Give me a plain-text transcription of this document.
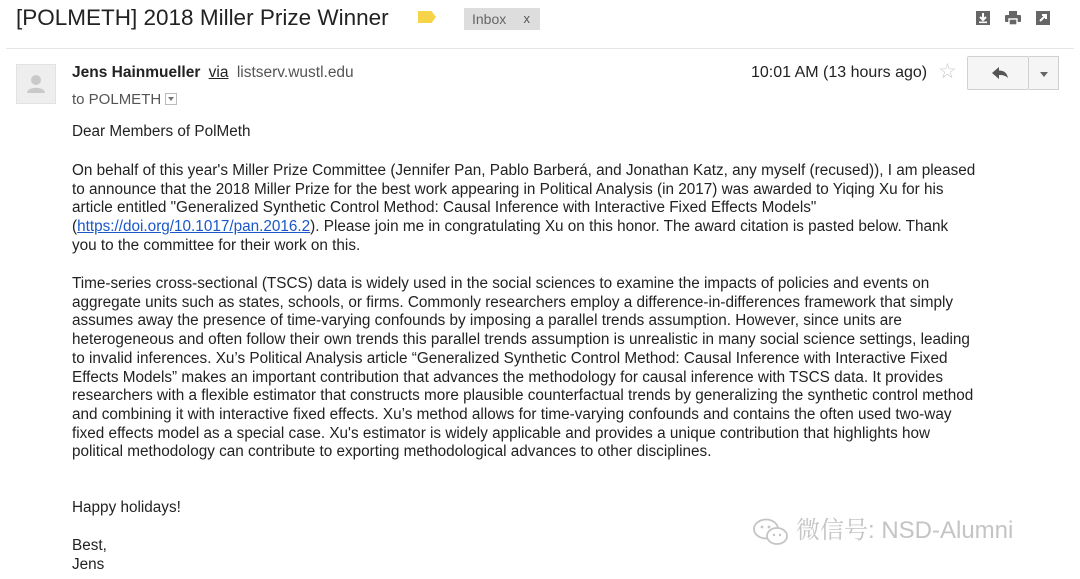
[POLMETH] 2018 Miller Prize Winner	Inbox x
Jens Hainmueller via listserv.wustl.edu
to POLMETH
10:01 AM (13 hours ago) ☆
Dear Members of PolMeth
On behalf of this year's Miller Prize Committee (Jennifer Pan, Pablo Barberá, and Jonathan Katz, any myself (recused)), I am pleased
to announce that the 2018 Miller Prize for the best work appearing in Political Analysis (in 2017) was awarded to Yiqing Xu for his
article entitled "Generalized Synthetic Control Method: Causal Inference with Interactive Fixed Effects Models"
(https://doi.org/10.1017/pan.2016.2). Please join me in congratulating Xu on this honor. The award citation is pasted below. Thank
you to the committee for their work on this.
Time-series cross-sectional (TSCS) data is widely used in the social sciences to examine the impacts of policies and events on
aggregate units such as states, schools, or firms. Commonly researchers employ a difference-in-differences framework that simply
assumes away the presence of time-varying confounds by imposing a parallel trends assumption. However, since units are
heterogeneous and often follow their own trends this parallel trends assumption is unrealistic in many social science settings, leading
to invalid inferences. Xu’s Political Analysis article “Generalized Synthetic Control Method: Causal Inference with Interactive Fixed
Effects Models” makes an important contribution that advances the methodology for causal inference with TSCS data. It provides
researchers with a flexible estimator that constructs more plausible counterfactual trends by generalizing the synthetic control method
and combining it with interactive fixed effects. Xu’s method allows for time-varying confounds and contains the often used two-way
fixed effects model as a special case. Xu's estimator is widely applicable and provides a unique contribution that highlights how
political methodology can contribute to exporting methodological advances to other disciplines.
Happy holidays!
Best,
Jens
微信号: NSD-Alumni
